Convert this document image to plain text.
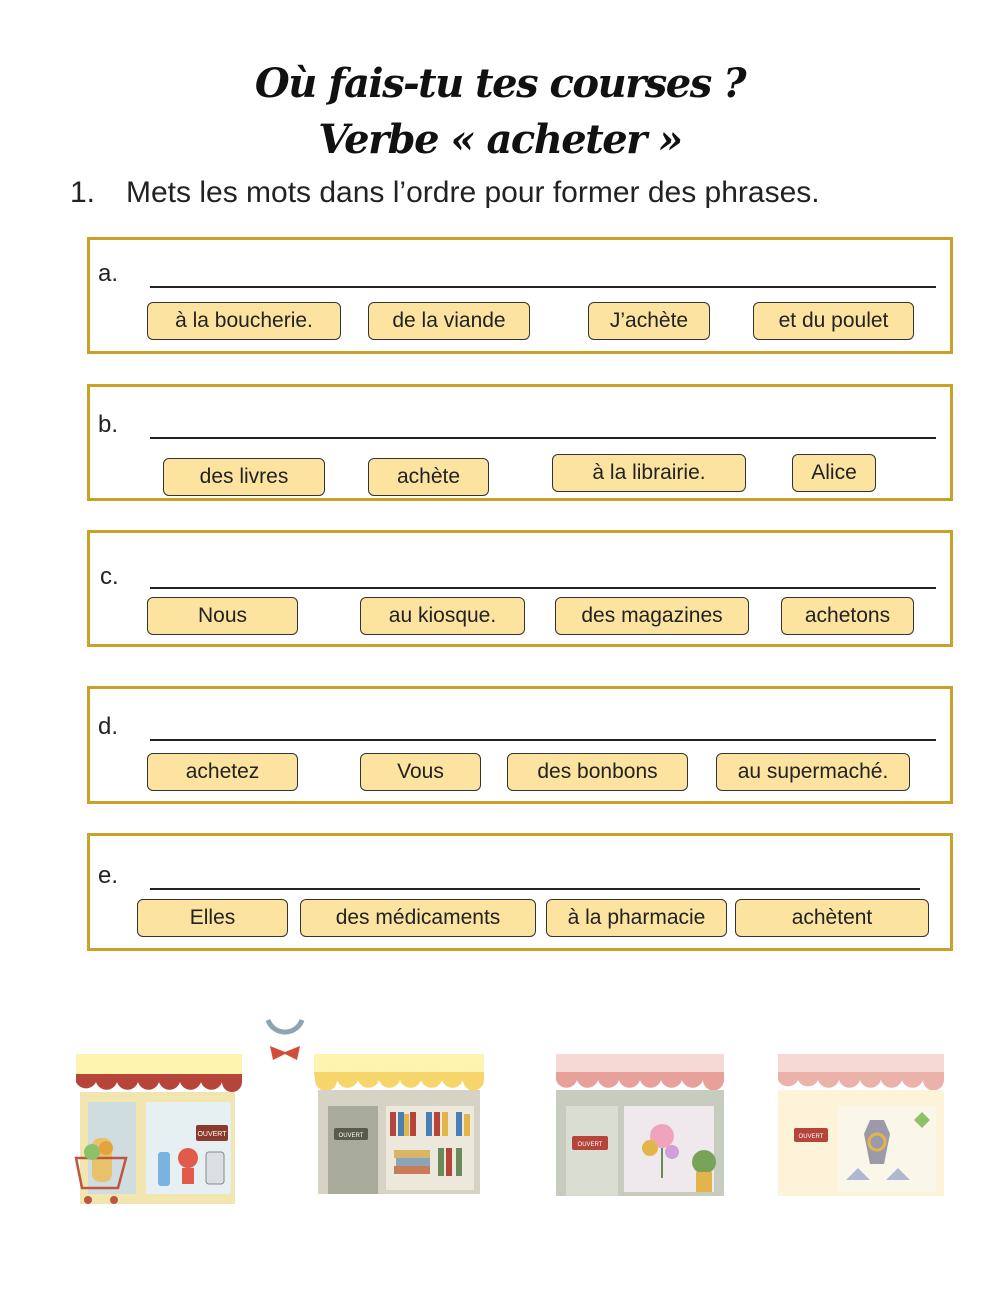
Où fais-tu tes courses ?
Verbe « acheter »
1. Mets les mots dans l’ordre pour former des phrases.
a.
à la boucherie.	de la viande	J’achète	et du poulet
b.
des livres	achète	à la librairie.	Alice
c.
Nous	au kiosque.	des magazines	achetons
d.
achetez	Vous	des bonbons	au supermaché.
e.
Elles	des médicaments	à la pharmacie	achètent
OUVERT	OUVERT
OUVERT
OUVERT
